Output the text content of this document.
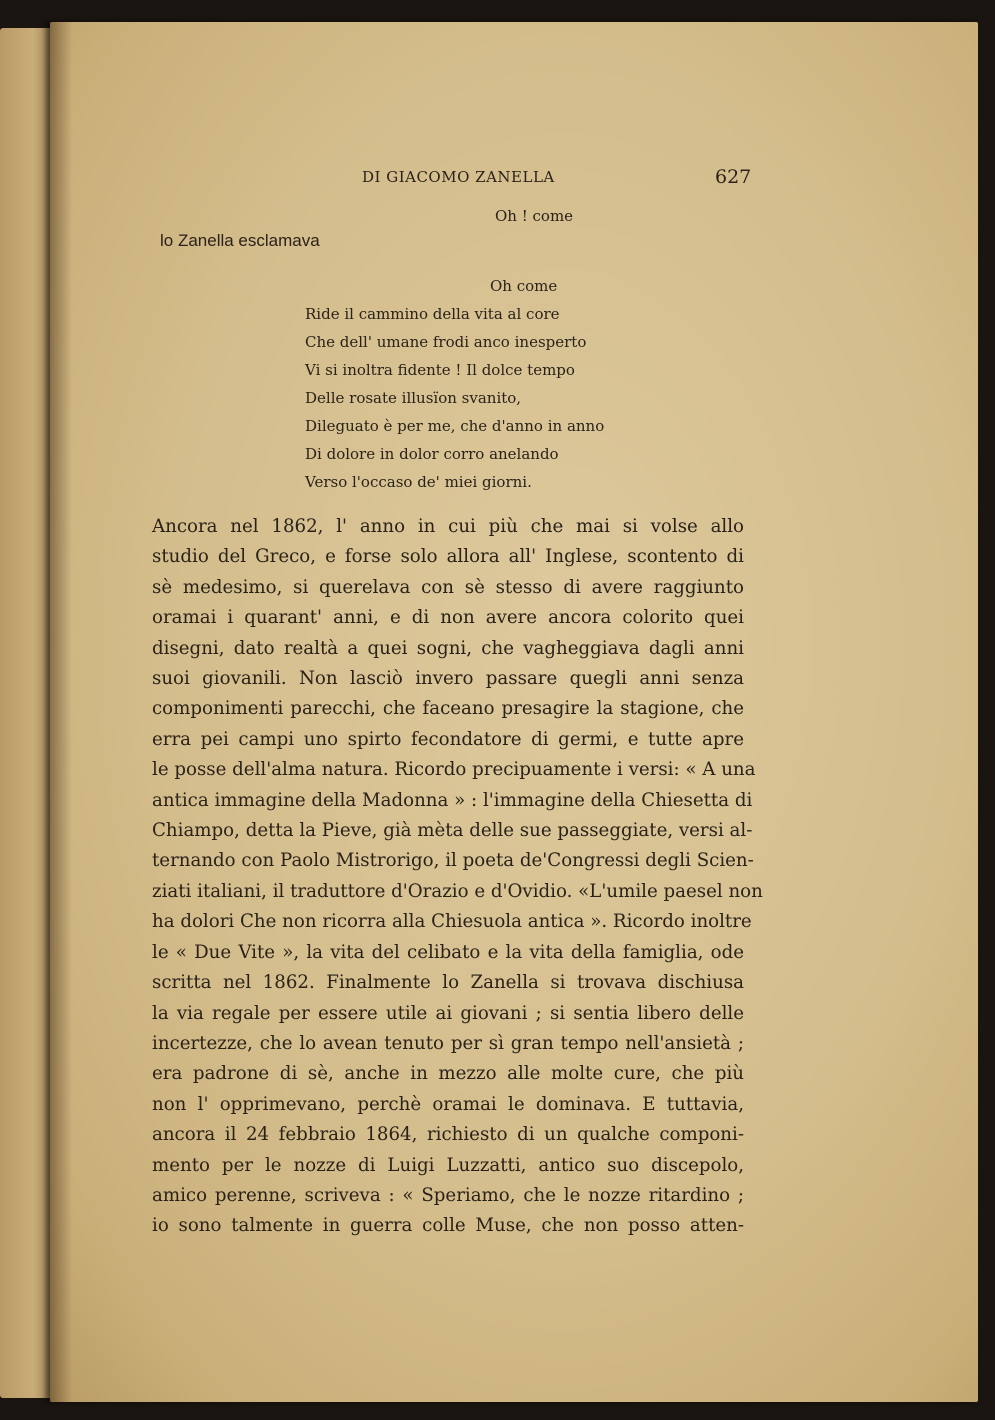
DI GIACOMO ZANELLA	627
Oh ! come
lo Zanella esclamava
Oh come
Ride il cammino della vita al core
Che dell' umane frodi anco inesperto
Vi si inoltra fidente ! Il dolce tempo
Delle rosate illusïon svanito,
Dileguato è per me, che d'anno in anno
Di dolore in dolor corro anelando
Verso l'occaso de' miei giorni.
Ancora nel 1862, l' anno in cui più che mai si volse allo
studio del Greco, e forse solo allora all' Inglese, scontento di
sè medesimo, si querelava con sè stesso di avere raggiunto
oramai i quarant' anni, e di non avere ancora colorito quei
disegni, dato realtà a quei sogni, che vagheggiava dagli anni
suoi giovanili. Non lasciò invero passare quegli anni senza
componimenti parecchi, che faceano presagire la stagione, che
erra pei campi uno spirto fecondatore di germi, e tutte apre
le posse dell'alma natura. Ricordo precipuamente i versi: « A una
antica immagine della Madonna » : l'immagine della Chiesetta di
Chiampo, detta la Pieve, già mèta delle sue passeggiate, versi al-
ternando con Paolo Mistrorigo, il poeta de'Congressi degli Scien-
ziati italiani, il traduttore d'Orazio e d'Ovidio. «L'umile paesel non
ha dolori Che non ricorra alla Chiesuola antica ». Ricordo inoltre
le « Due Vite », la vita del celibato e la vita della famiglia, ode
scritta nel 1862. Finalmente lo Zanella si trovava dischiusa
la via regale per essere utile ai giovani ; si sentia libero delle
incertezze, che lo avean tenuto per sì gran tempo nell'ansietà ;
era padrone di sè, anche in mezzo alle molte cure, che più
non l' opprimevano, perchè oramai le dominava. E tuttavia,
ancora il 24 febbraio 1864, richiesto di un qualche componi-
mento per le nozze di Luigi Luzzatti, antico suo discepolo,
amico perenne, scriveva : « Speriamo, che le nozze ritardino ;
io sono talmente in guerra colle Muse, che non posso atten-
